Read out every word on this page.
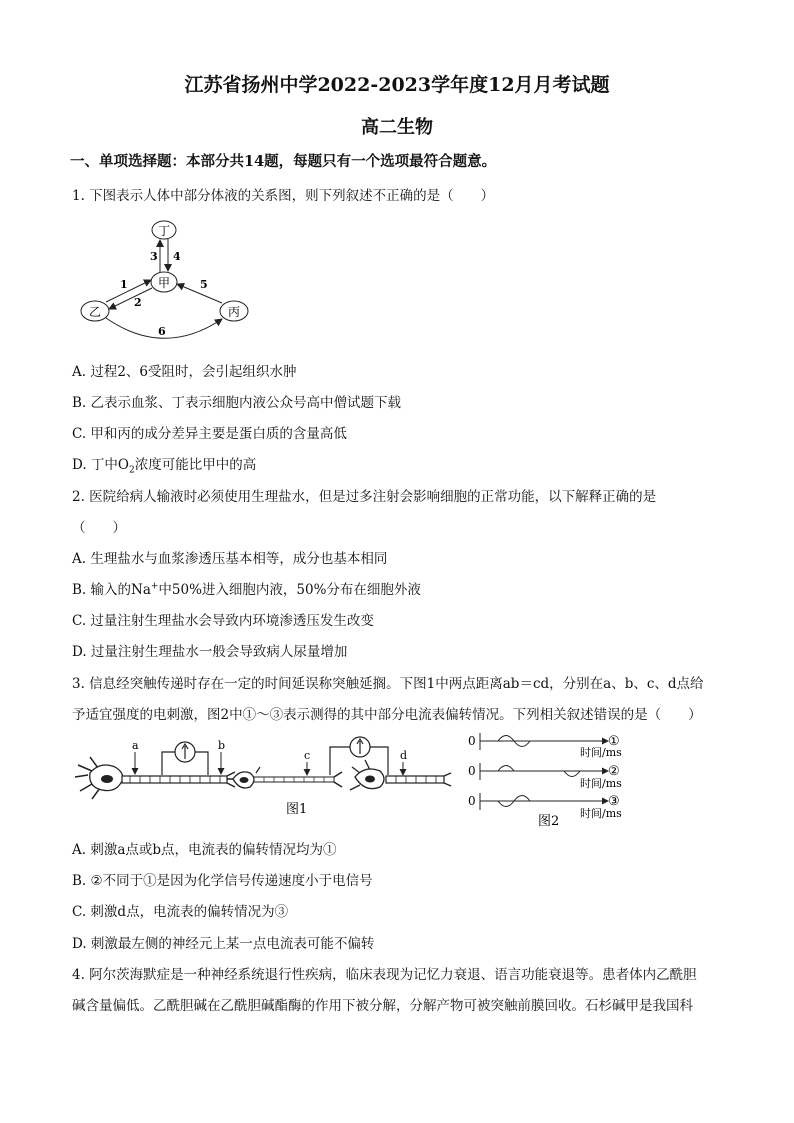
江苏省扬州中学2022-2023学年度12月月考试题
高二生物
一、单项选择题：本部分共14题，每题只有一个选项最符合题意。
1. 下图表示人体中部分体液的关系图，则下列叙述不正确的是（　　）
丁
甲
乙	丙
3 4
1
2
5
6
A. 过程2、6受阻时，会引起组织水肿
B. 乙表示血浆、丁表示细胞内液公众号高中僧试题下载
C. 甲和丙的成分差异主要是蛋白质的含量高低
D. 丁中$O_2$浓度可能比甲中的高
2. 医院给病人输液时必须使用生理盐水，但是过多注射会影响细胞的正常功能，以下解释正确的是
（　　）
A. 生理盐水与血浆渗透压基本相等，成分也基本相同
B. 输入的Na+中50%进入细胞内液，50%分布在细胞外液
C. 过量注射生理盐水会导致内环境渗透压发生改变
D. 过量注射生理盐水一般会导致病人尿量增加
3. 信息经突触传递时存在一定的时间延误称突触延搁。下图1中两点距离ab＝cd，分别在a、b、c、d点给
予适宜强度的电刺激，图2中①～③表示测得的其中部分电流表偏转情况。下列相关叙述错误的是（　　）
a	b
c	d
图1
0	①
时间/ms
0	②
时间/ms
0	③
时间/ms
图2
A. 刺激a点或b点，电流表的偏转情况均为①
B. ②不同于①是因为化学信号传递速度小于电信号
C. 刺激d点，电流表的偏转情况为③
D. 刺激最左侧的神经元上某一点电流表可能不偏转
4. 阿尔茨海默症是一种神经系统退行性疾病，临床表现为记忆力衰退、语言功能衰退等。患者体内乙酰胆
碱含量偏低。乙酰胆碱在乙酰胆碱酯酶的作用下被分解，分解产物可被突触前膜回收。石杉碱甲是我国科
